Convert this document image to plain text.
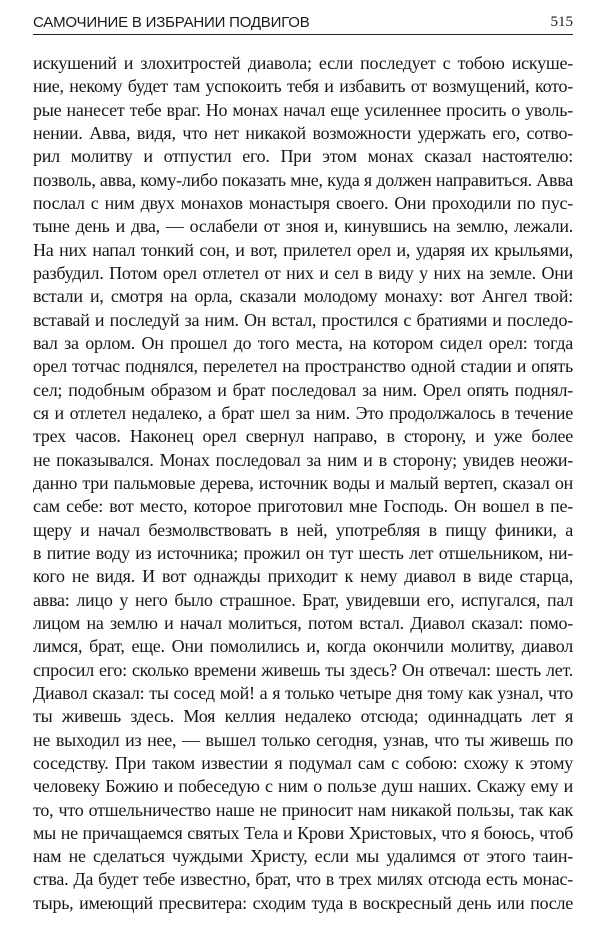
САМОЧИНИЕ В ИЗБРАНИИ ПОДВИГОВ	515
искушений и злохитростей диавола; если последует с тобою искуше-
ние, некому будет там успокоить тебя и избавить от возмущений, кото-
рые нанесет тебе враг. Но монах начал еще усиленнее просить о уволь-
нении. Авва, видя, что нет никакой возможности удержать его, сотво-
рил молитву и отпустил его. При этом монах сказал настоятелю:
позволь, авва, кому-либо показать мне, куда я должен направиться. Авва
послал с ним двух монахов монастыря своего. Они проходили по пус-
тыне день и два, — ослабели от зноя и, кинувшись на землю, лежали.
На них напал тонкий сон, и вот, прилетел орел и, ударяя их крыльями,
разбудил. Потом орел отлетел от них и сел в виду у них на земле. Они
встали и, смотря на орла, сказали молодому монаху: вот Ангел твой:
вставай и последуй за ним. Он встал, простился с братиями и последо-
вал за орлом. Он прошел до того места, на котором сидел орел: тогда
орел тотчас поднялся, перелетел на пространство одной стадии и опять
сел; подобным образом и брат последовал за ним. Орел опять поднял-
ся и отлетел недалеко, а брат шел за ним. Это продолжалось в течение
трех часов. Наконец орел свернул направо, в сторону, и уже более
не показывался. Монах последовал за ним и в сторону; увидев неожи-
данно три пальмовые дерева, источник воды и малый вертеп, сказал он
сам себе: вот место, которое приготовил мне Господь. Он вошел в пе-
щеру и начал безмолвствовать в ней, употребляя в пищу финики, а
в питие воду из источника; прожил он тут шесть лет отшельником, ни-
кого не видя. И вот однажды приходит к нему диавол в виде старца,
авва: лицо у него было страшное. Брат, увидевши его, испугался, пал
лицом на землю и начал молиться, потом встал. Диавол сказал: помо-
лимся, брат, еще. Они помолились и, когда окончили молитву, диавол
спросил его: сколько времени живешь ты здесь? Он отвечал: шесть лет.
Диавол сказал: ты сосед мой! а я только четыре дня тому как узнал, что
ты живешь здесь. Моя келлия недалеко отсюда; одиннадцать лет я
не выходил из нее, — вышел только сегодня, узнав, что ты живешь по
соседству. При таком известии я подумал сам с собою: схожу к этому
человеку Божию и побеседую с ним о пользе душ наших. Скажу ему и
то, что отшельничество наше не приносит нам никакой пользы, так как
мы не причащаемся святых Тела и Крови Христовых, что я боюсь, чтоб
нам не сделаться чуждыми Христу, если мы удалимся от этого таин-
ства. Да будет тебе известно, брат, что в трех милях отсюда есть монас-
тырь, имеющий пресвитера: сходим туда в воскресный день или после
